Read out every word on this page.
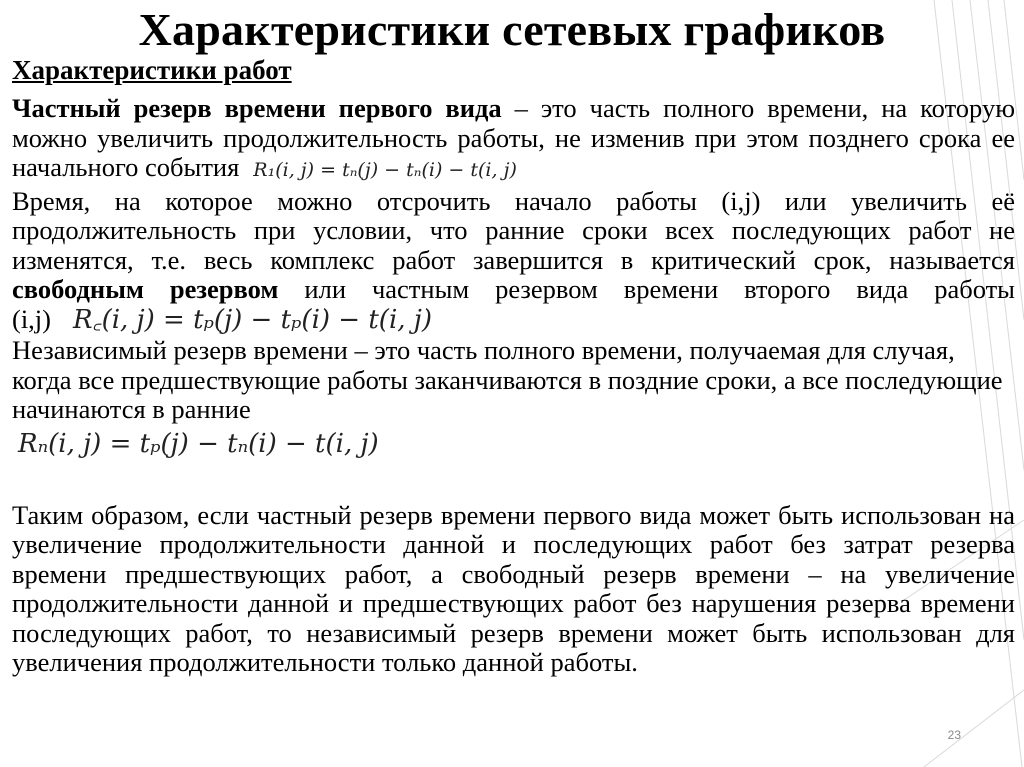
Характеристики сетевых графиков
Характеристики работ

Частный резерв времени первого вида – это часть полного времени, на которую можно увеличить продолжительность работы, не изменив при этом позднего срока ее начального события R₁(i, j) = tₙ(j) − tₙ(i) − t(i, j)

Время, на которое можно отсрочить начало работы (i,j) или увеличить её продолжительность при условии, что ранние сроки всех последующих работ не изменятся, т.е. весь комплекс работ завершится в критический срок, называется свободным резервом или частным резервом времени второго вида работы (i,j) R꜀(i, j) = tₚ(j) − tₚ(i) − t(i, j)

Независимый резерв времени – это часть полного времени, получаемая для случая, когда все предшествующие работы заканчиваются в поздние сроки, а все последующие начинаются в ранние
Rₙ(i, j) = tₚ(j) − tₙ(i) − t(i, j)

Таким образом, если частный резерв времени первого вида может быть использован на увеличение продолжительности данной и последующих работ без затрат резерва времени предшествующих работ, а свободный резерв времени – на увеличение продолжительности данной и предшествующих работ без нарушения резерва времени последующих работ, то независимый резерв времени может быть использован для увеличения продолжительности только данной работы.

23
